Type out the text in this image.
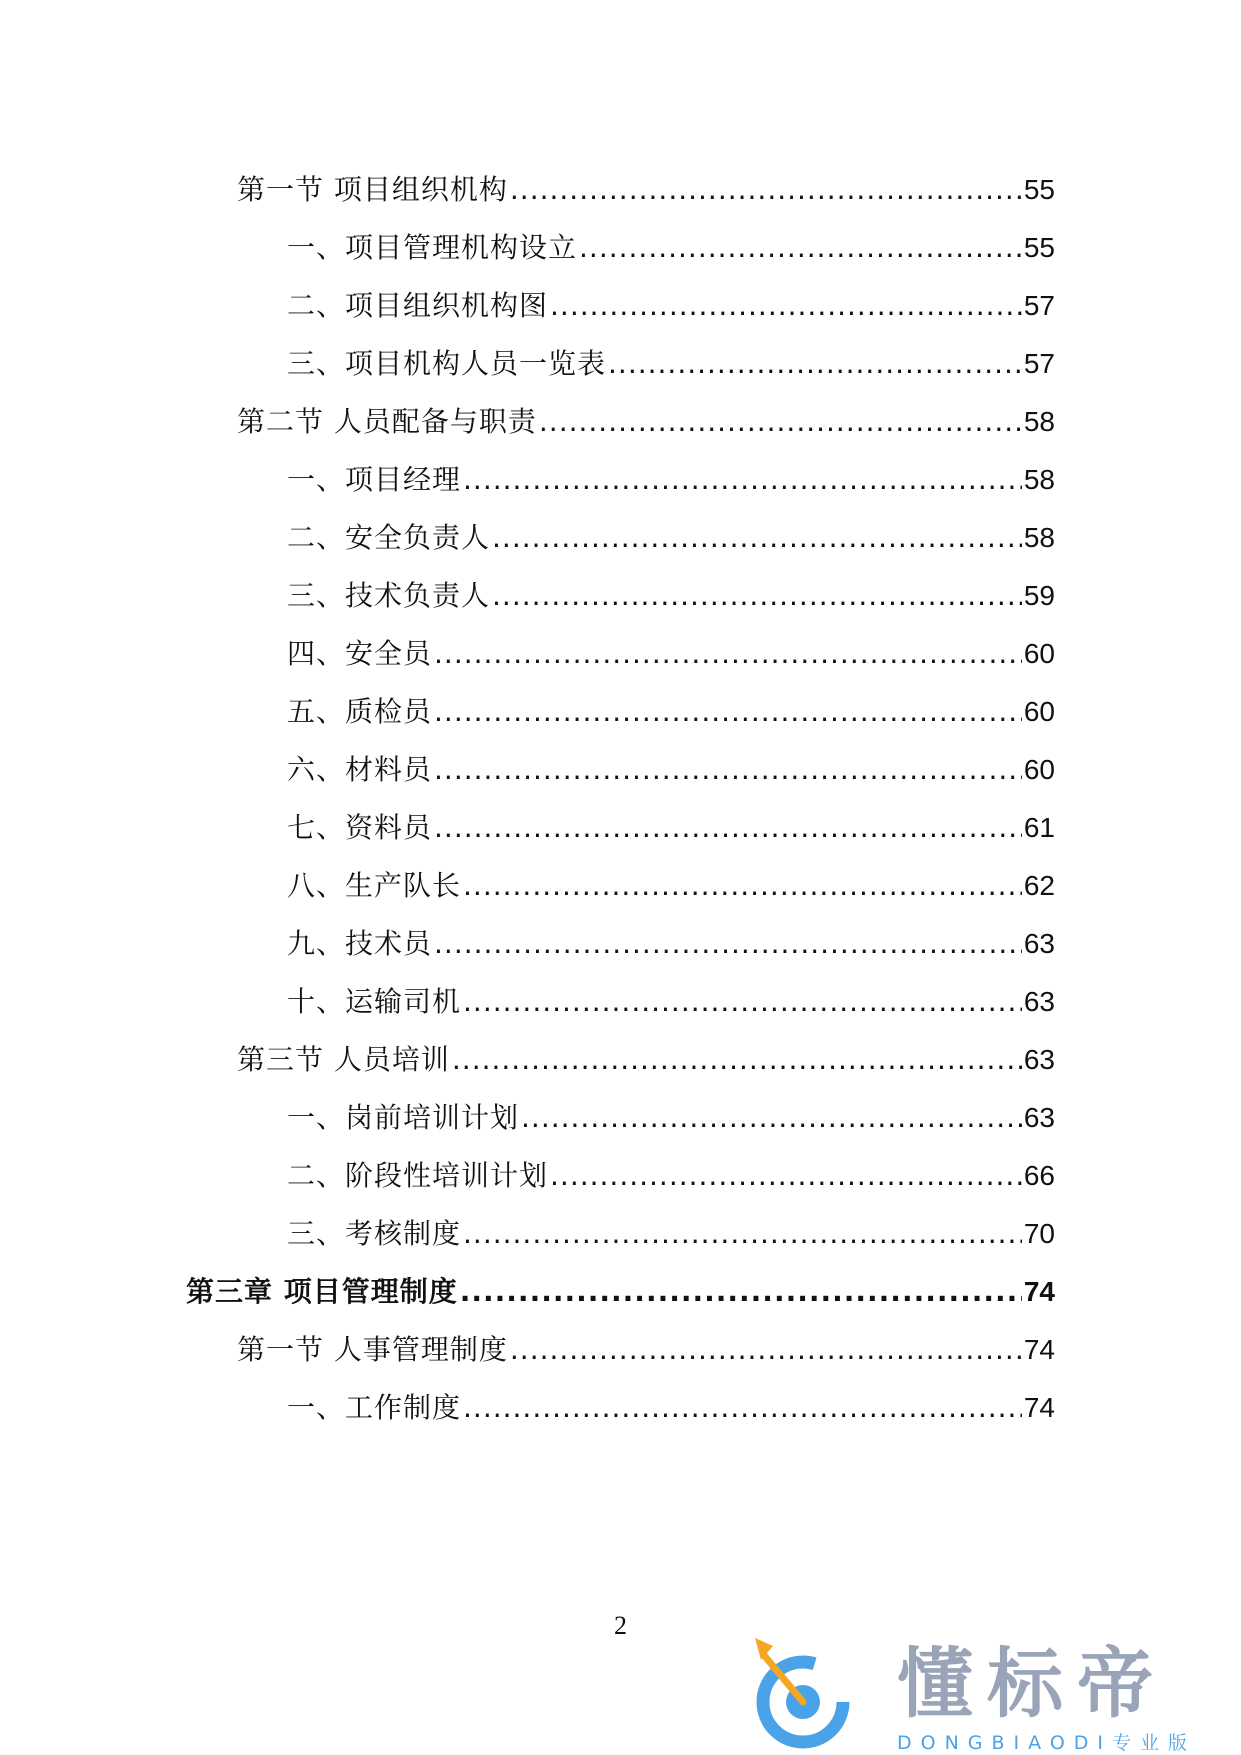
第一节 项目组织机构 .....	55
一、项目管理机构设立 .....	55
二、项目组织机构图 .....	57
三、项目机构人员一览表 .....	57
第二节 人员配备与职责 .....	58
一、项目经理 .....	58
二、安全负责人 .....	58
三、技术负责人 .....	59
四、安全员 .....	60
五、质检员 .....	60
六、材料员 .....	60
七、资料员 .....	61
八、生产队长 .....	62
九、技术员 .....	63
十、运输司机 .....	63
第三节 人员培训 .....	63
一、岗前培训计划 .....	63
二、阶段性培训计划 .....	66
三、考核制度 .....	70
第三章 项目管理制度 .....	74
第一节 人事管理制度 .....	74
一、工作制度 .....	74
2
懂标帝
DONGBIAODI专业版
